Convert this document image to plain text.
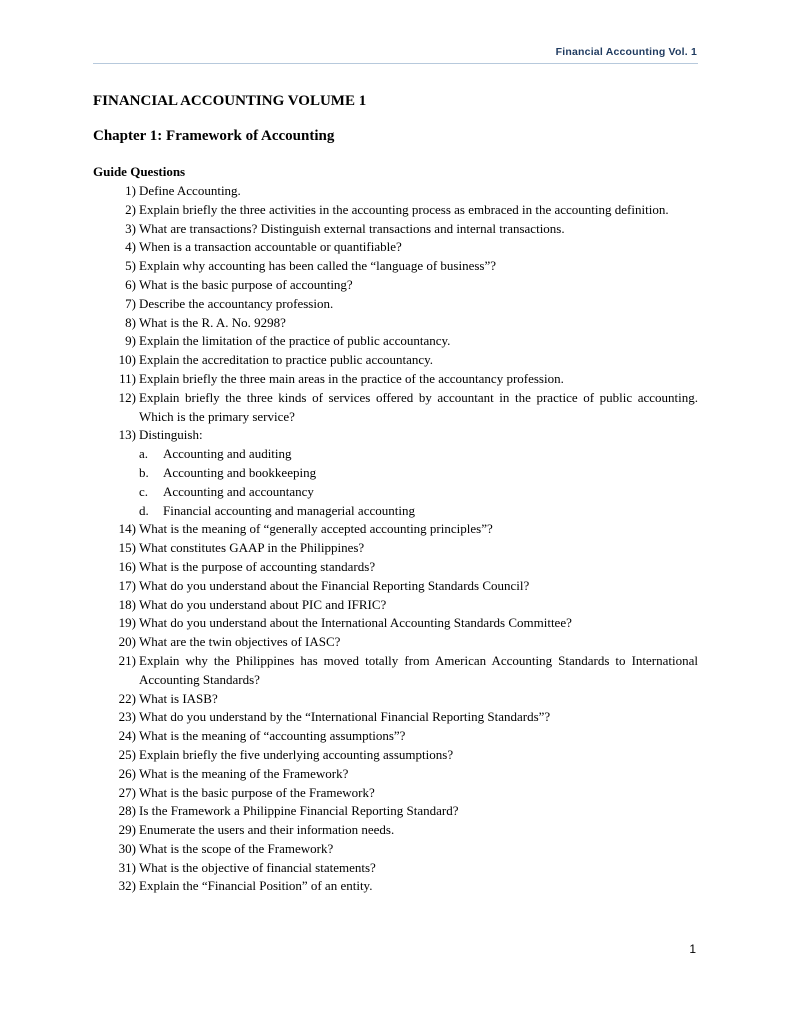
Financial Accounting Vol. 1
FINANCIAL ACCOUNTING VOLUME 1
Chapter 1: Framework of Accounting
Guide Questions
1) Define Accounting.
2) Explain briefly the three activities in the accounting process as embraced in the accounting definition.
3) What are transactions? Distinguish external transactions and internal transactions.
4) When is a transaction accountable or quantifiable?
5) Explain why accounting has been called the “language of business”?
6) What is the basic purpose of accounting?
7) Describe the accountancy profession.
8) What is the R. A. No. 9298?
9) Explain the limitation of the practice of public accountancy.
10) Explain the accreditation to practice public accountancy.
11) Explain briefly the three main areas in the practice of the accountancy profession.
12) Explain briefly the three kinds of services offered by accountant in the practice of public accounting. Which is the primary service?
13) Distinguish:
a. Accounting and auditing
b. Accounting and bookkeeping
c. Accounting and accountancy
d. Financial accounting and managerial accounting
14) What is the meaning of “generally accepted accounting principles”?
15) What constitutes GAAP in the Philippines?
16) What is the purpose of accounting standards?
17) What do you understand about the Financial Reporting Standards Council?
18) What do you understand about PIC and IFRIC?
19) What do you understand about the International Accounting Standards Committee?
20) What are the twin objectives of IASC?
21) Explain why the Philippines has moved totally from American Accounting Standards to International Accounting Standards?
22) What is IASB?
23) What do you understand by the “International Financial Reporting Standards”?
24) What is the meaning of “accounting assumptions”?
25) Explain briefly the five underlying accounting assumptions?
26) What is the meaning of the Framework?
27) What is the basic purpose of the Framework?
28) Is the Framework a Philippine Financial Reporting Standard?
29) Enumerate the users and their information needs.
30) What is the scope of the Framework?
31) What is the objective of financial statements?
32) Explain the “Financial Position” of an entity.
1
